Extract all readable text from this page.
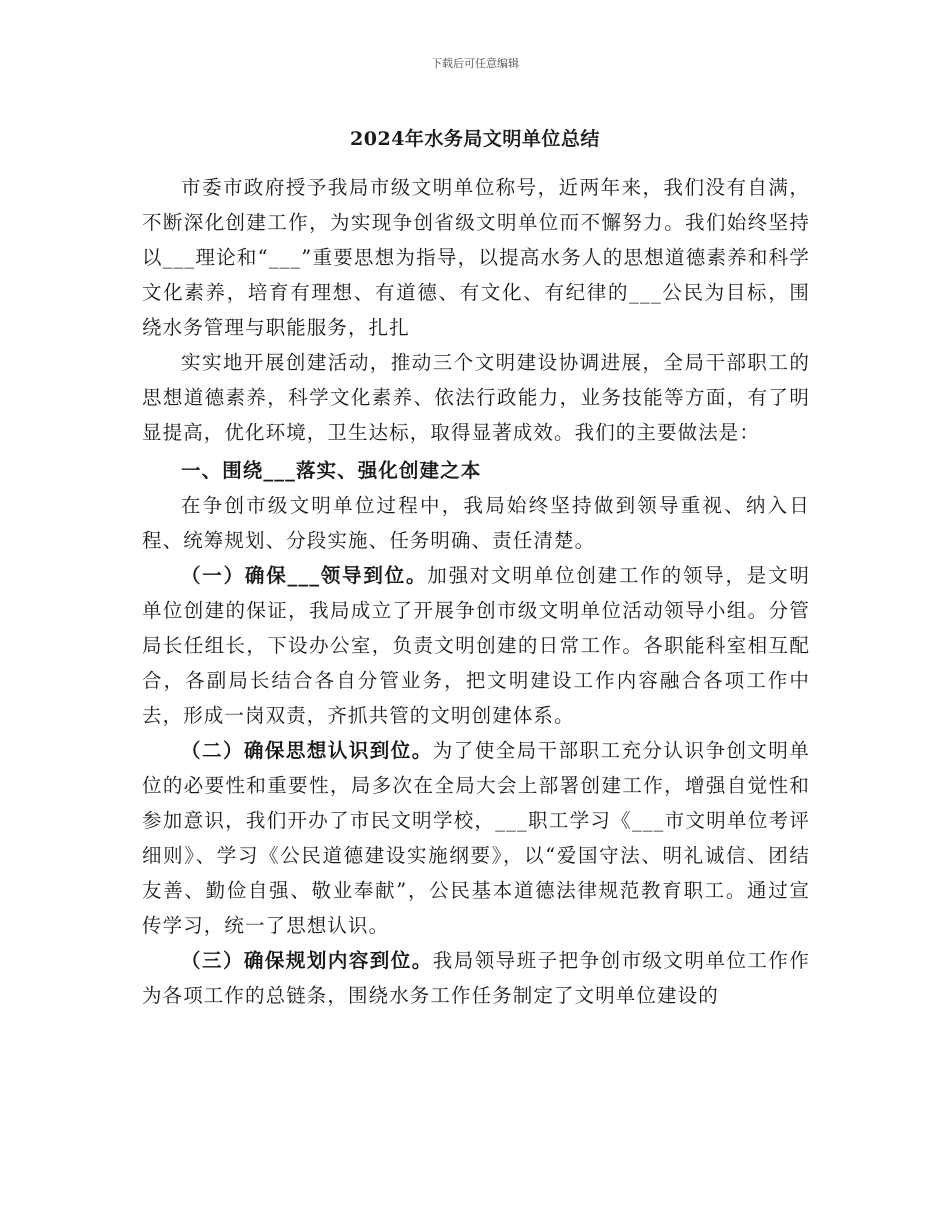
下载后可任意编辑
2024年水务局文明单位总结

市委市政府授予我局市级文明单位称号，近两年来，我们没有自满，不断深化创建工作，为实现争创省级文明单位而不懈努力。我们始终坚持以___理论和“___”重要思想为指导，以提高水务人的思想道德素养和科学文化素养，培育有理想、有道德、有文化、有纪律的___公民为目标，围绕水务管理与职能服务，扎扎

实实地开展创建活动，推动三个文明建设协调进展，全局干部职工的思想道德素养，科学文化素养、依法行政能力，业务技能等方面，有了明显提高，优化环境，卫生达标，取得显著成效。我们的主要做法是：

一、围绕___落实、强化创建之本

在争创市级文明单位过程中，我局始终坚持做到领导重视、纳入日程、统筹规划、分段实施、任务明确、责任清楚。

（一）确保___领导到位。加强对文明单位创建工作的领导，是文明单位创建的保证，我局成立了开展争创市级文明单位活动领导小组。分管局长任组长，下设办公室，负责文明创建的日常工作。各职能科室相互配合，各副局长结合各自分管业务，把文明建设工作内容融合各项工作中去，形成一岗双责，齐抓共管的文明创建体系。

（二）确保思想认识到位。为了使全局干部职工充分认识争创文明单位的必要性和重要性，局多次在全局大会上部署创建工作，增强自觉性和参加意识，我们开办了市民文明学校，___职工学习《___市文明单位考评细则》、学习《公民道德建设实施纲要》，以“爱国守法、明礼诚信、团结友善、勤俭自强、敬业奉献”，公民基本道德法律规范教育职工。通过宣传学习，统一了思想认识。

（三）确保规划内容到位。我局领导班子把争创市级文明单位工作作为各项工作的总链条，围绕水务工作任务制定了文明单位建设的
